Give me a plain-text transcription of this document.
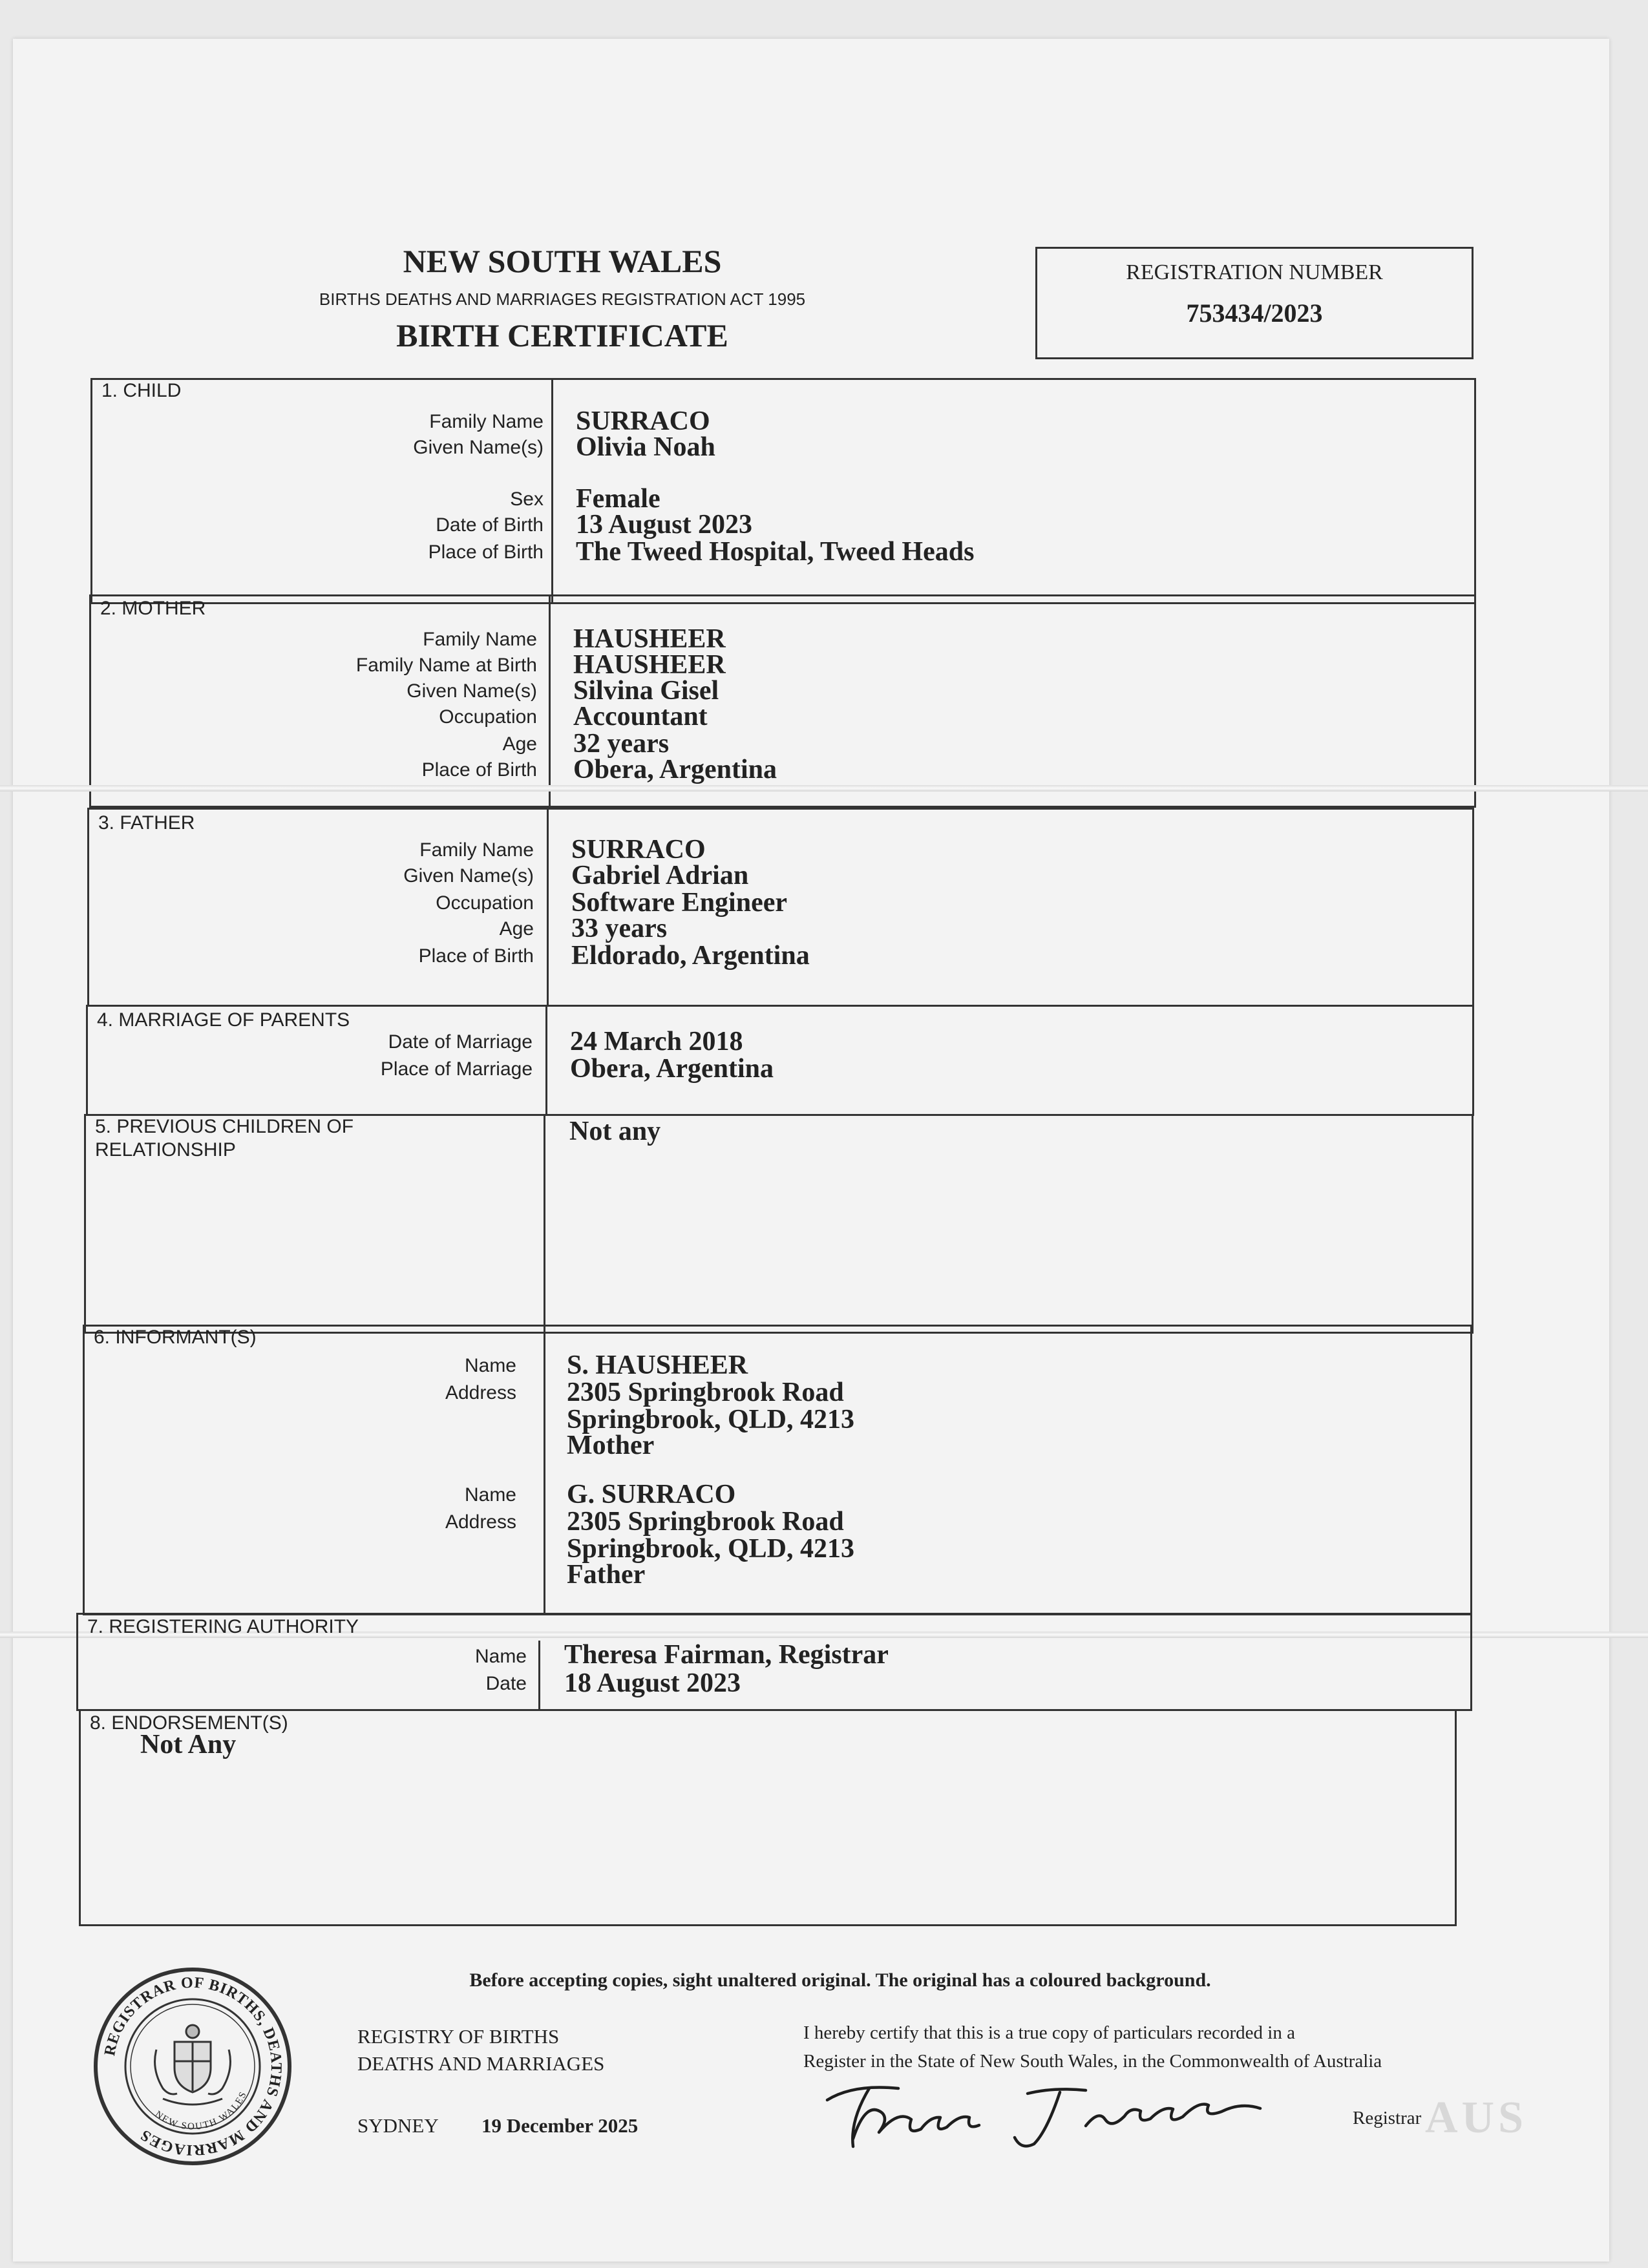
NEW SOUTH WALES
BIRTHS DEATHS AND MARRIAGES REGISTRATION ACT 1995
BIRTH CERTIFICATE
REGISTRATION NUMBER
753434/2023
1. CHILD
Family Name SURRACO
Given Name(s) Olivia Noah
Sex Female
Date of Birth 13 August 2023
Place of Birth The Tweed Hospital, Tweed Heads
2. MOTHER
Family Name HAUSHEER
Family Name at Birth HAUSHEER
Given Name(s) Silvina Gisel
Occupation Accountant
Age 32 years
Place of Birth Obera, Argentina
3. FATHER
Family Name SURRACO
Given Name(s) Gabriel Adrian
Occupation Software Engineer
Age 33 years
Place of Birth Eldorado, Argentina
4. MARRIAGE OF PARENTS
Date of Marriage 24 March 2018
Place of Marriage Obera, Argentina
5. PREVIOUS CHILDREN OF
RELATIONSHIP
Not any
6. INFORMANT(S)
Name S. HAUSHEER
Address 2305 Springbrook Road
Springbrook, QLD, 4213
Mother
Name G. SURRACO
Address 2305 Springbrook Road
Springbrook, QLD, 4213
Father
7. REGISTERING AUTHORITY
Name Theresa Fairman, Registrar
Date 18 August 2023
8. ENDORSEMENT(S)
Not Any
Before accepting copies, sight unaltered original. The original has a coloured background.
REGISTRAR OF BIRTHS, DEATHS AND MARRIAGES
NEW SOUTH WALES
REGISTRY OF BIRTHS
DEATHS AND MARRIAGES
SYDNEY 19 December 2025
I hereby certify that this is a true copy of particulars recorded in a
Register in the State of New South Wales, in the Commonwealth of Australia
Registrar AUS
